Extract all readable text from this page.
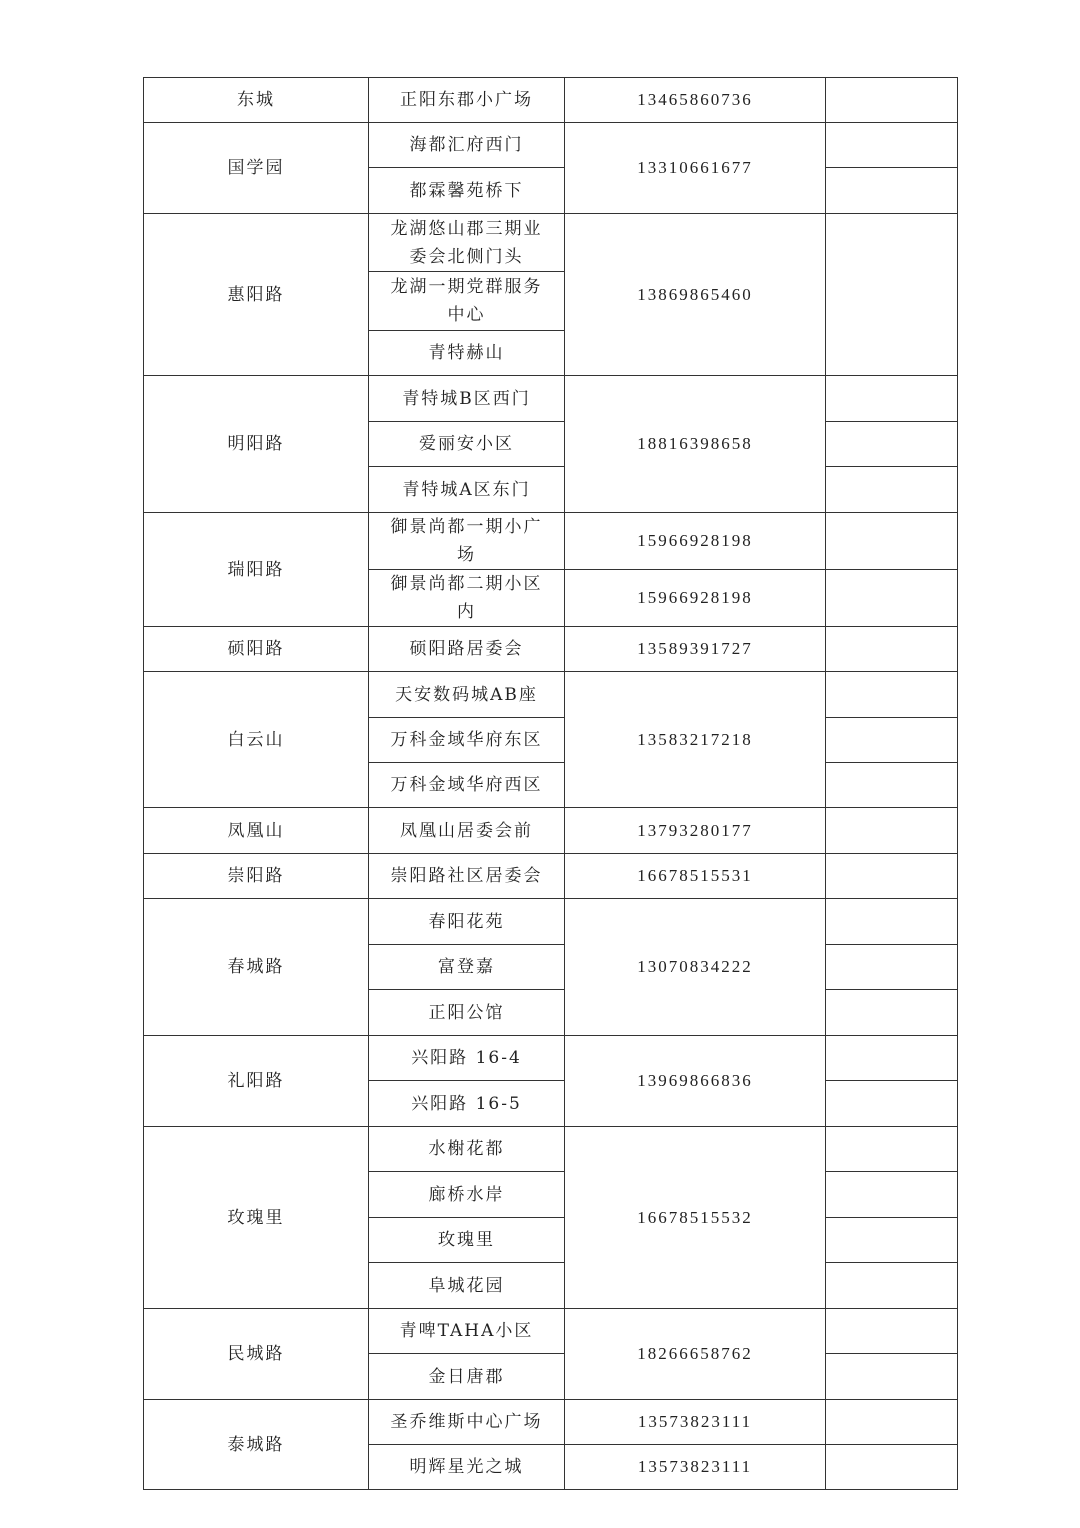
东城	正阳东郡小广场	13465860736	
国学园	海都汇府西门	13310661677	
	都霖馨苑桥下		
惠阳路	龙湖悠山郡三期业委会北侧门头	13869865460	
	龙湖一期党群服务中心		
	青特赫山		
明阳路	青特城B区西门	18816398658	
	爱丽安小区		
	青特城A区东门		
瑞阳路	御景尚都一期小广场	15966928198	
	御景尚都二期小区内	15966928198	
硕阳路	硕阳路居委会	13589391727	
白云山	天安数码城AB座	13583217218	
	万科金域华府东区		
	万科金域华府西区		
凤凰山	凤凰山居委会前	13793280177	
崇阳路	崇阳路社区居委会	16678515531	
春城路	春阳花苑	13070834222	
	富登嘉		
	正阳公馆		
礼阳路	兴阳路 16-4	13969866836	
	兴阳路 16-5		
玫瑰里	水榭花都	16678515532	
	廊桥水岸		
	玫瑰里		
	阜城花园		
民城路	青啤TAHA小区	18266658762	
	金日唐郡		
泰城路	圣乔维斯中心广场	13573823111	
	明辉星光之城	13573823111	
